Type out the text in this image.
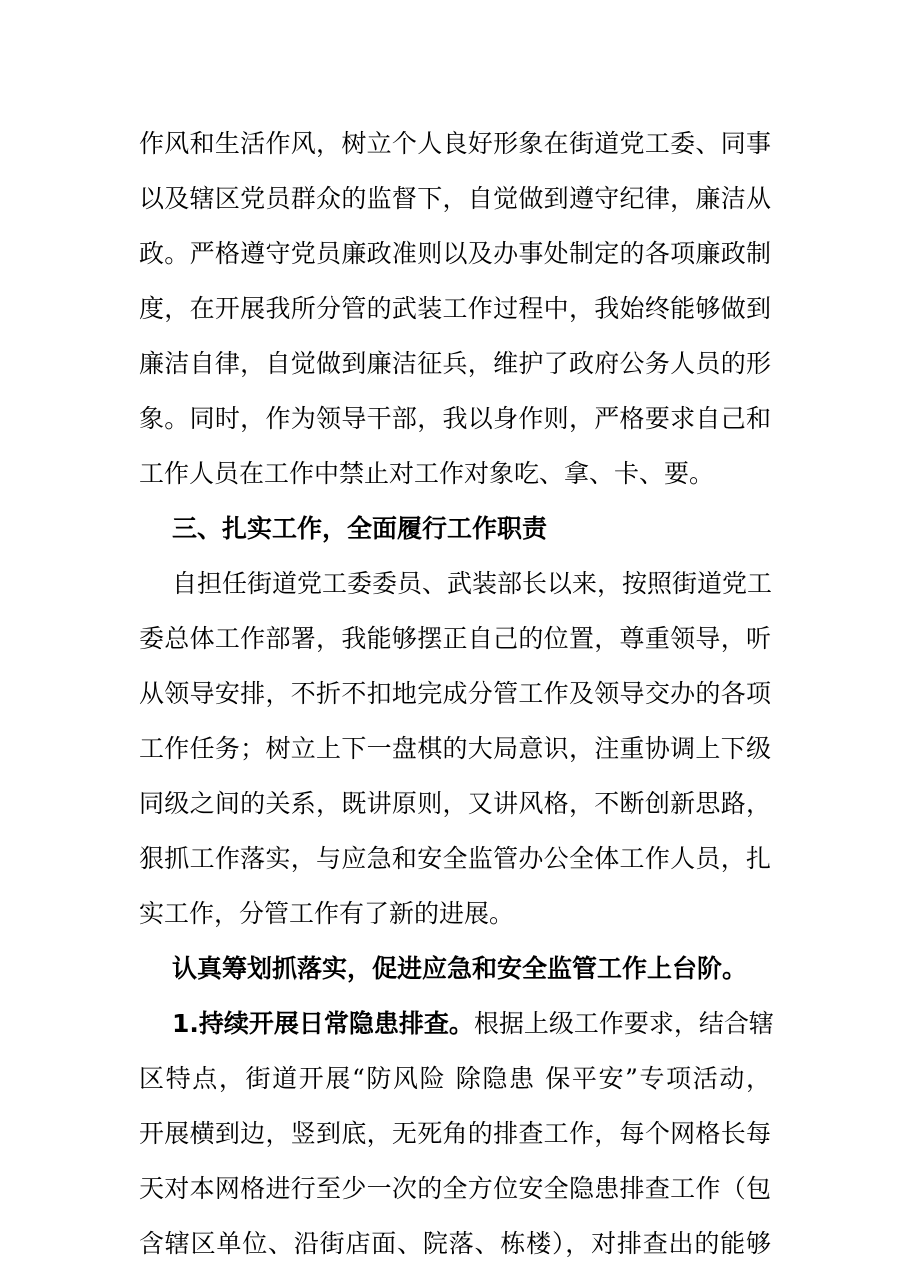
作风和生活作风，树立个人良好形象在街道党工委、同事
以及辖区党员群众的监督下，自觉做到遵守纪律，廉洁从
政。严格遵守党员廉政准则以及办事处制定的各项廉政制
度，在开展我所分管的武装工作过程中，我始终能够做到
廉洁自律，自觉做到廉洁征兵，维护了政府公务人员的形
象。同时，作为领导干部，我以身作则，严格要求自己和
工作人员在工作中禁止对工作对象吃、拿、卡、要。
三、扎实工作，全面履行工作职责
自担任街道党工委委员、武装部长以来，按照街道党工
委总体工作部署，我能够摆正自己的位置，尊重领导，听
从领导安排，不折不扣地完成分管工作及领导交办的各项
工作任务；树立上下一盘棋的大局意识，注重协调上下级
同级之间的关系，既讲原则，又讲风格，不断创新思路，
狠抓工作落实，与应急和安全监管办公全体工作人员，扎
实工作，分管工作有了新的进展。
认真筹划抓落实，促进应急和安全监管工作上台阶。
1.持续开展日常隐患排查。根据上级工作要求，结合辖
区特点，街道开展“防风险 除隐患 保平安”专项活动，
开展横到边，竖到底，无死角的排查工作，每个网格长每
天对本网格进行至少一次的全方位安全隐患排查工作（包
含辖区单位、沿街店面、院落、栋楼），对排查出的能够
